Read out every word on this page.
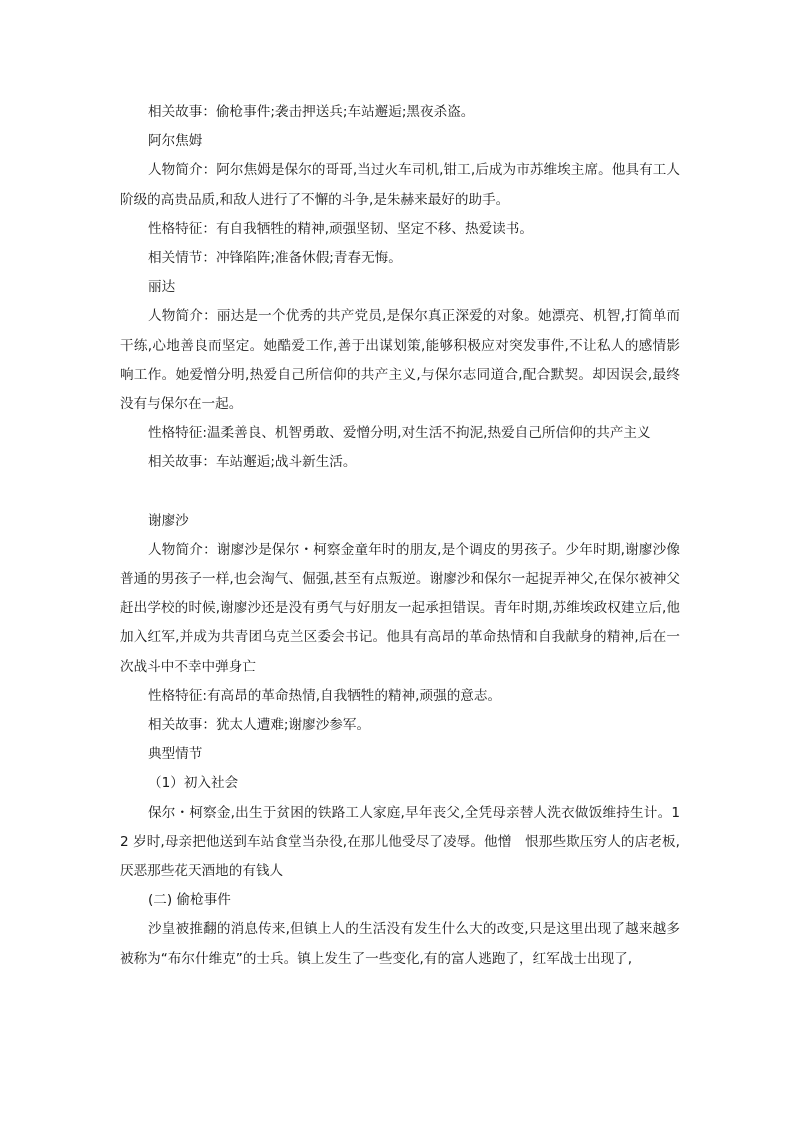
相关故事：偷枪事件;袭击押送兵;车站邂逅;黑夜杀盗。

阿尔焦姆

人物简介：阿尔焦姆是保尔的哥哥,当过火车司机,钳工,后成为市苏维埃主席。他具有工人阶级的高贵品质,和敌人进行了不懈的斗争,是朱赫来最好的助手。

性格特征：有自我牺牲的精神,顽强坚韧、坚定不移、热爱读书。

相关情节：冲锋陷阵;准备休假;青春无悔。

丽达

人物简介：丽达是一个优秀的共产党员,是保尔真正深爱的对象。她漂亮、机智,打简单而干练,心地善良而坚定。她酷爱工作,善于出谋划策,能够积极应对突发事件,不让私人的感情影响工作。她爱憎分明,热爱自己所信仰的共产主义,与保尔志同道合,配合默契。却因误会,最终没有与保尔在一起。

性格特征:温柔善良、机智勇敢、爱憎分明,对生活不拘泥,热爱自己所信仰的共产主义

相关故事：车站邂逅;战斗新生活。

谢廖沙

人物简介：谢廖沙是保尔・柯察金童年时的朋友,是个调皮的男孩子。少年时期,谢廖沙像普通的男孩子一样,也会淘气、倔强,甚至有点叛逆。谢廖沙和保尔一起捉弄神父,在保尔被神父赶出学校的时候,谢廖沙还是没有勇气与好朋友一起承担错误。青年时期,苏维埃政权建立后,他加入红军,并成为共青团乌克兰区委会书记。他具有高昂的革命热情和自我献身的精神,后在一次战斗中不幸中弹身亡

性格特征:有高昂的革命热情,自我牺牲的精神,顽强的意志。

相关故事：犹太人遭难;谢廖沙参军。

典型情节

（1）初入社会

保尔・柯察金,出生于贫困的铁路工人家庭,早年丧父,全凭母亲替人洗衣做饭维持生计。12 岁时,母亲把他送到车站食堂当杂役,在那儿他受尽了凌辱。他憎　恨那些欺压穷人的店老板,厌恶那些花天酒地的有钱人

(二) 偷枪事件

沙皇被推翻的消息传来,但镇上人的生活没有发生什么大的改变,只是这里出现了越来越多被称为“布尔什维克”的士兵。镇上发生了一些变化,有的富人逃跑了，红军战士出现了,
